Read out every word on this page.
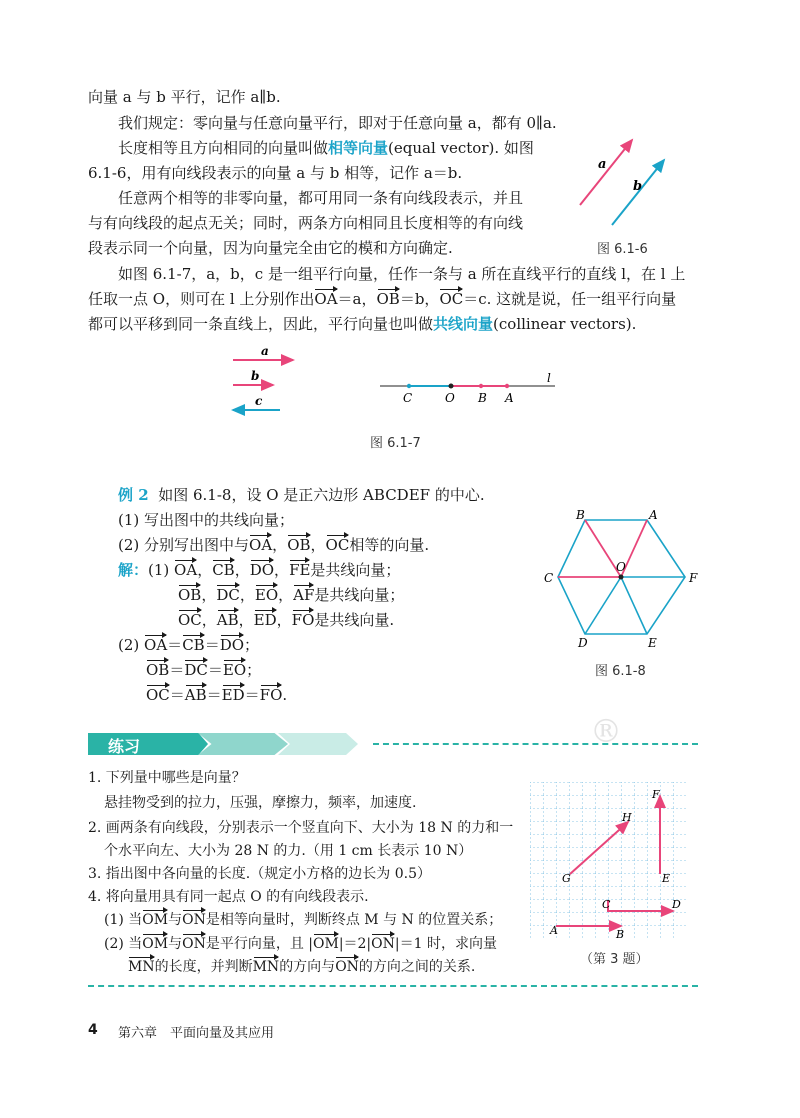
向量 a 与 b 平行，记作 a∥b.
我们规定：零向量与任意向量平行，即对于任意向量 a，都有 0∥a.
长度相等且方向相同的向量叫做相等向量(equal vector). 如图
6.1-6，用有向线段表示的向量 a 与 b 相等，记作 a＝b.
任意两个相等的非零向量，都可用同一条有向线段表示，并且
与有向线段的起点无关；同时，两条方向相同且长度相等的有向线
段表示同一个向量，因为向量完全由它的模和方向确定.
a
b
图 6.1-6
如图 6.1-7，a，b，c 是一组平行向量，任作一条与 a 所在直线平行的直线 l，在 l 上
任取一点 O，则可在 l 上分别作出OA＝a，OB＝b，OC＝c. 这就是说，任一组平行向量
都可以平移到同一条直线上，因此，平行向量也叫做共线向量(collinear vectors).
a
b
c	C	O B A
l
图 6.1-7
例 2 如图 6.1-8，设 O 是正六边形 ABCDEF 的中心.
(1) 写出图中的共线向量；
(2) 分别写出图中与OA，OB，OC相等的向量.
解：(1) OA，CB，DO，FE是共线向量；
OB，DC，EO，AF是共线向量；
OC，AB，ED，FO是共线向量.
(2) OA＝CB＝DO；
OB＝DC＝EO；
OC＝AB＝ED＝FO.
A
B
C
D	E
F
O
图 6.1-8
练习	®
1. 下列量中哪些是向量？
悬挂物受到的拉力，压强，摩擦力，频率，加速度.
2. 画两条有向线段，分别表示一个竖直向下、大小为 18 N 的力和一
个水平向左、大小为 28 N 的力.（用 1 cm 长表示 10 N）
3. 指出图中各向量的长度.（规定小方格的边长为 0.5）
4. 将向量用具有同一起点 O 的有向线段表示.
(1) 当OM与ON是相等向量时，判断终点 M 与 N 的位置关系；
(2) 当OM与ON是平行向量，且 |OM|＝2|ON|＝1 时，求向量
MN的长度，并判断MN的方向与ON的方向之间的关系.
F
H
G	E
C	D
A	B
（第 3 题）
4 第六章　平面向量及其应用
